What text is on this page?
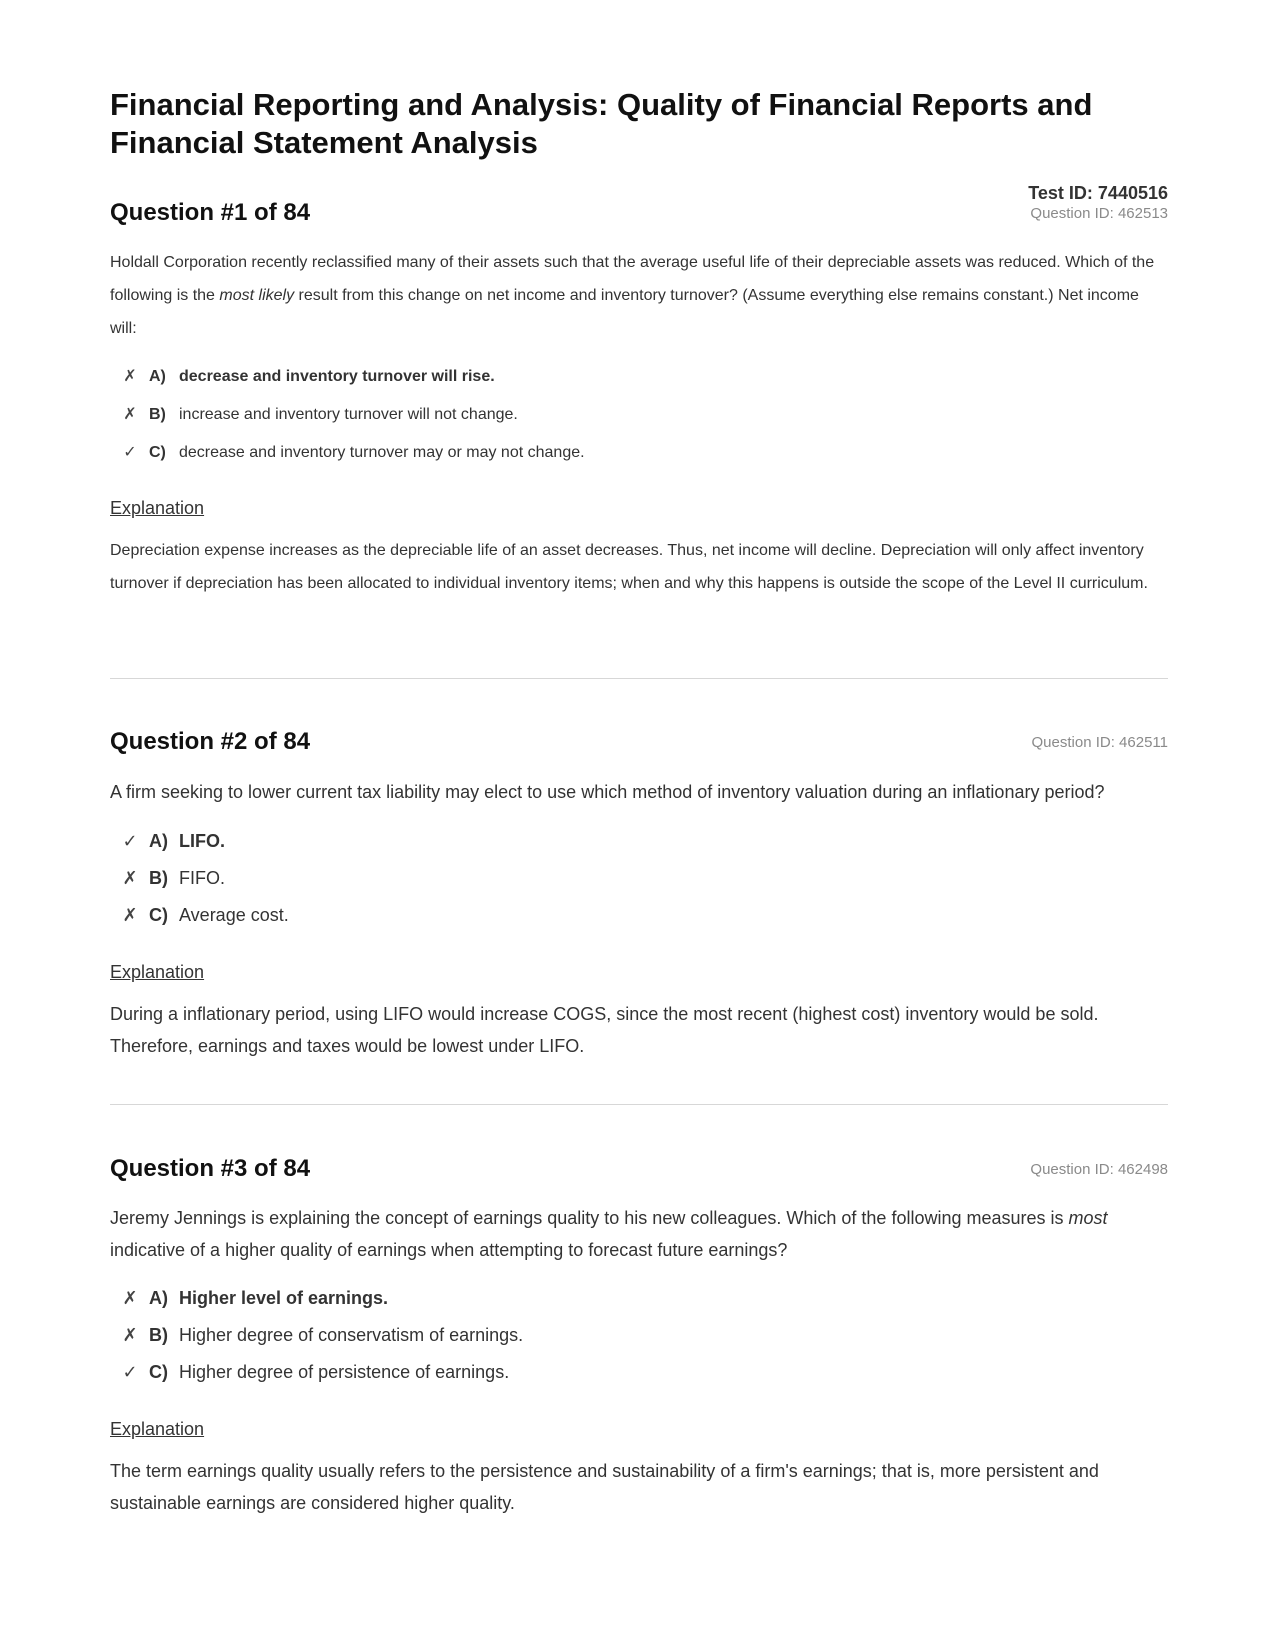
Financial Reporting and Analysis: Quality of Financial Reports and Financial Statement Analysis
Test ID: 7440516
Question #1 of 84	Question ID: 462513

Holdall Corporation recently reclassified many of their assets such that the average useful life of their depreciable assets was reduced. Which of the following is the most likely result from this change on net income and inventory turnover? (Assume everything else remains constant.) Net income will:

✗ A) decrease and inventory turnover will rise.
✗ B) increase and inventory turnover will not change.
✓ C) decrease and inventory turnover may or may not change.
Explanation

Depreciation expense increases as the depreciable life of an asset decreases. Thus, net income will decline. Depreciation will only affect inventory turnover if depreciation has been allocated to individual inventory items; when and why this happens is outside the scope of the Level II curriculum.

Question #2 of 84	Question ID: 462511

A firm seeking to lower current tax liability may elect to use which method of inventory valuation during an inflationary period?

✓ A) LIFO.
✗ B) FIFO.
✗ C) Average cost.
Explanation

During a inflationary period, using LIFO would increase COGS, since the most recent (highest cost) inventory would be sold. Therefore, earnings and taxes would be lowest under LIFO.

Question #3 of 84	Question ID: 462498

Jeremy Jennings is explaining the concept of earnings quality to his new colleagues. Which of the following measures is most indicative of a higher quality of earnings when attempting to forecast future earnings?

✗ A) Higher level of earnings.
✗ B) Higher degree of conservatism of earnings.
✓ C) Higher degree of persistence of earnings.
Explanation

The term earnings quality usually refers to the persistence and sustainability of a firm's earnings; that is, more persistent and sustainable earnings are considered higher quality.
